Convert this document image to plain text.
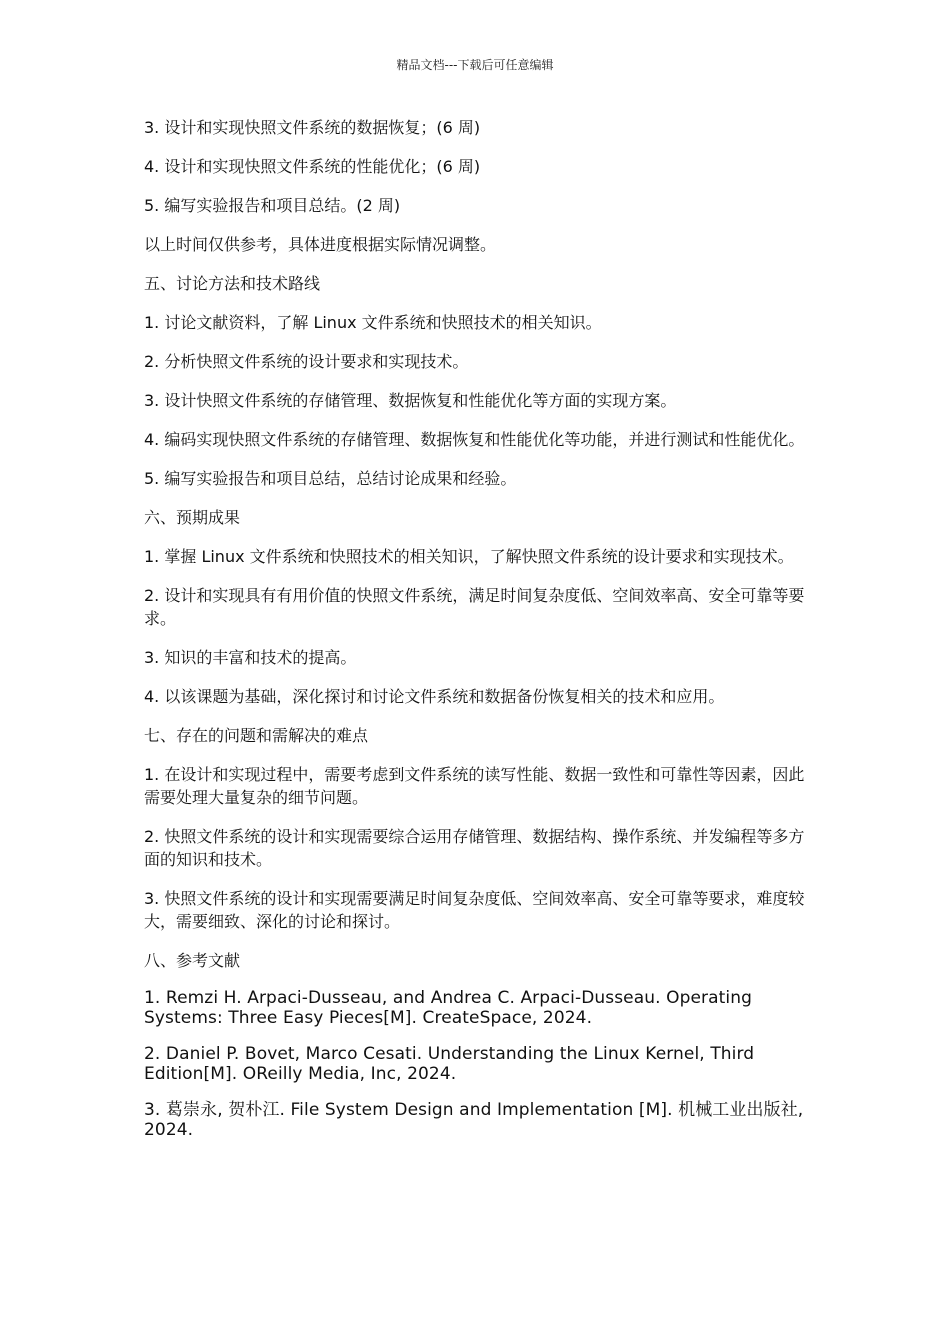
精品文档---下载后可任意编辑

3. 设计和实现快照文件系统的数据恢复；(6 周)

4. 设计和实现快照文件系统的性能优化；(6 周)

5. 编写实验报告和项目总结。(2 周)

以上时间仅供参考，具体进度根据实际情况调整。

五、讨论方法和技术路线

1. 讨论文献资料，了解 Linux 文件系统和快照技术的相关知识。

2. 分析快照文件系统的设计要求和实现技术。

3. 设计快照文件系统的存储管理、数据恢复和性能优化等方面的实现方案。

4. 编码实现快照文件系统的存储管理、数据恢复和性能优化等功能，并进行测试和性能优化。

5. 编写实验报告和项目总结，总结讨论成果和经验。

六、预期成果

1. 掌握 Linux 文件系统和快照技术的相关知识，了解快照文件系统的设计要求和实现技术。

2. 设计和实现具有有用价值的快照文件系统，满足时间复杂度低、空间效率高、安全可靠等要求。

3. 知识的丰富和技术的提高。

4. 以该课题为基础，深化探讨和讨论文件系统和数据备份恢复相关的技术和应用。

七、存在的问题和需解决的难点

1. 在设计和实现过程中，需要考虑到文件系统的读写性能、数据一致性和可靠性等因素，因此需要处理大量复杂的细节问题。

2. 快照文件系统的设计和实现需要综合运用存储管理、数据结构、操作系统、并发编程等多方面的知识和技术。

3. 快照文件系统的设计和实现需要满足时间复杂度低、空间效率高、安全可靠等要求，难度较大，需要细致、深化的讨论和探讨。

八、参考文献

1. Remzi H. Arpaci-Dusseau, and Andrea C. Arpaci-Dusseau. Operating Systems: Three Easy Pieces[M]. CreateSpace, 2024.

2. Daniel P. Bovet, Marco Cesati. Understanding the Linux Kernel, Third Edition[M]. OReilly Media, Inc, 2024.

3. 葛崇永, 贺朴江. File System Design and Implementation [M]. 机械工业出版社, 2024.
